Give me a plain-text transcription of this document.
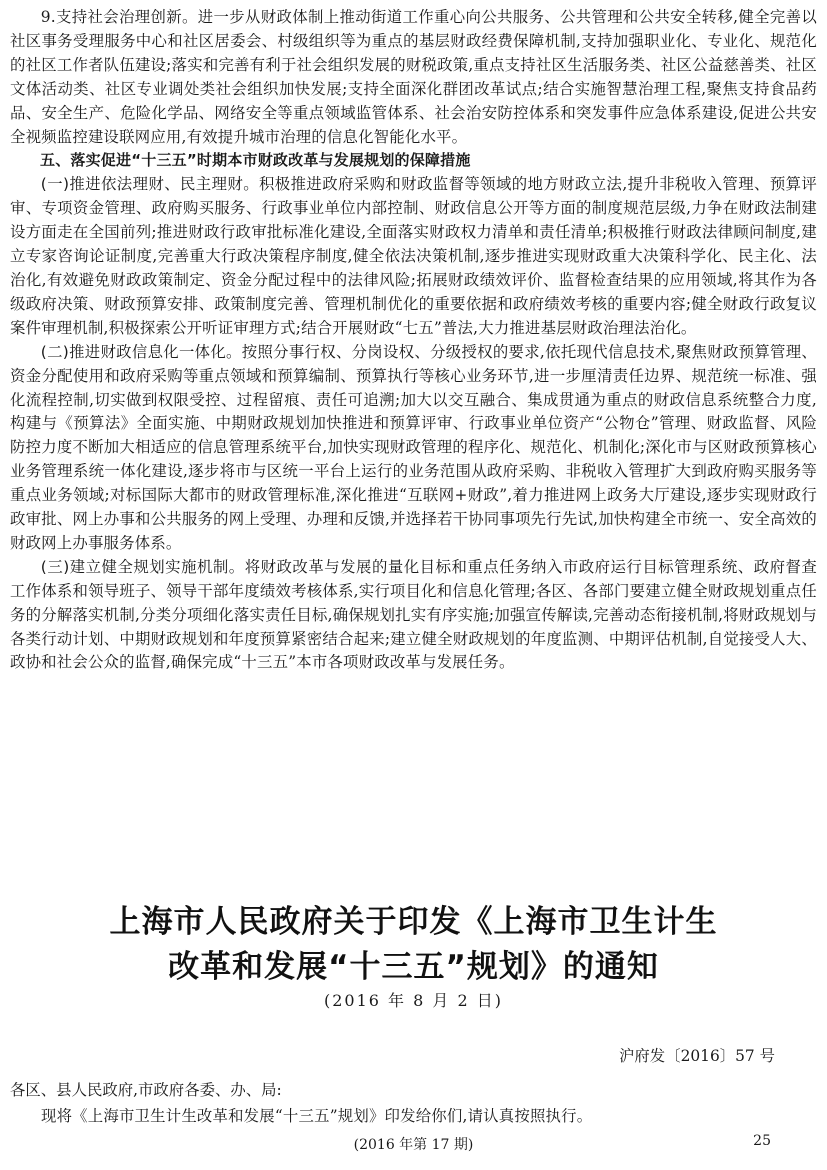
9.支持社会治理创新。进一步从财政体制上推动街道工作重心向公共服务、公共管理和公共安全转移,健全完善以社区事务受理服务中心和社区居委会、村级组织等为重点的基层财政经费保障机制,支持加强职业化、专业化、规范化的社区工作者队伍建设;落实和完善有利于社会组织发展的财税政策,重点支持社区生活服务类、社区公益慈善类、社区文体活动类、社区专业调处类社会组织加快发展;支持全面深化群团改革试点;结合实施智慧治理工程,聚焦支持食品药品、安全生产、危险化学品、网络安全等重点领域监管体系、社会治安防控体系和突发事件应急体系建设,促进公共安全视频监控建设联网应用,有效提升城市治理的信息化智能化水平。

五、落实促进“十三五”时期本市财政改革与发展规划的保障措施

(一)推进依法理财、民主理财。积极推进政府采购和财政监督等领域的地方财政立法,提升非税收入管理、预算评审、专项资金管理、政府购买服务、行政事业单位内部控制、财政信息公开等方面的制度规范层级,力争在财政法制建设方面走在全国前列;推进财政行政审批标准化建设,全面落实财政权力清单和责任清单;积极推行财政法律顾问制度,建立专家咨询论证制度,完善重大行政决策程序制度,健全依法决策机制,逐步推进实现财政重大决策科学化、民主化、法治化,有效避免财政政策制定、资金分配过程中的法律风险;拓展财政绩效评价、监督检查结果的应用领域,将其作为各级政府决策、财政预算安排、政策制度完善、管理机制优化的重要依据和政府绩效考核的重要内容;健全财政行政复议案件审理机制,积极探索公开听证审理方式;结合开展财政“七五”普法,大力推进基层财政治理法治化。

(二)推进财政信息化一体化。按照分事行权、分岗设权、分级授权的要求,依托现代信息技术,聚焦财政预算管理、资金分配使用和政府采购等重点领域和预算编制、预算执行等核心业务环节,进一步厘清责任边界、规范统一标准、强化流程控制,切实做到权限受控、过程留痕、责任可追溯;加大以交互融合、集成贯通为重点的财政信息系统整合力度,构建与《预算法》全面实施、中期财政规划加快推进和预算评审、行政事业单位资产“公物仓”管理、财政监督、风险防控力度不断加大相适应的信息管理系统平台,加快实现财政管理的程序化、规范化、机制化;深化市与区财政预算核心业务管理系统一体化建设,逐步将市与区统一平台上运行的业务范围从政府采购、非税收入管理扩大到政府购买服务等重点业务领域;对标国际大都市的财政管理标准,深化推进“互联网+财政”,着力推进网上政务大厅建设,逐步实现财政行政审批、网上办事和公共服务的网上受理、办理和反馈,并选择若干协同事项先行先试,加快构建全市统一、安全高效的财政网上办事服务体系。

(三)建立健全规划实施机制。将财政改革与发展的量化目标和重点任务纳入市政府运行目标管理系统、政府督查工作体系和领导班子、领导干部年度绩效考核体系,实行项目化和信息化管理;各区、各部门要建立健全财政规划重点任务的分解落实机制,分类分项细化落实责任目标,确保规划扎实有序实施;加强宣传解读,完善动态衔接机制,将财政规划与各类行动计划、中期财政规划和年度预算紧密结合起来;建立健全财政规划的年度监测、中期评估机制,自觉接受人大、政协和社会公众的监督,确保完成“十三五”本市各项财政改革与发展任务。

上海市人民政府关于印发《上海市卫生计生
改革和发展“十三五”规划》的通知
(2016 年 8 月 2 日)
沪府发〔2016〕57 号
各区、县人民政府,市政府各委、办、局:
现将《上海市卫生计生改革和发展“十三五”规划》印发给你们,请认真按照执行。
(2016 年第 17 期)	25
